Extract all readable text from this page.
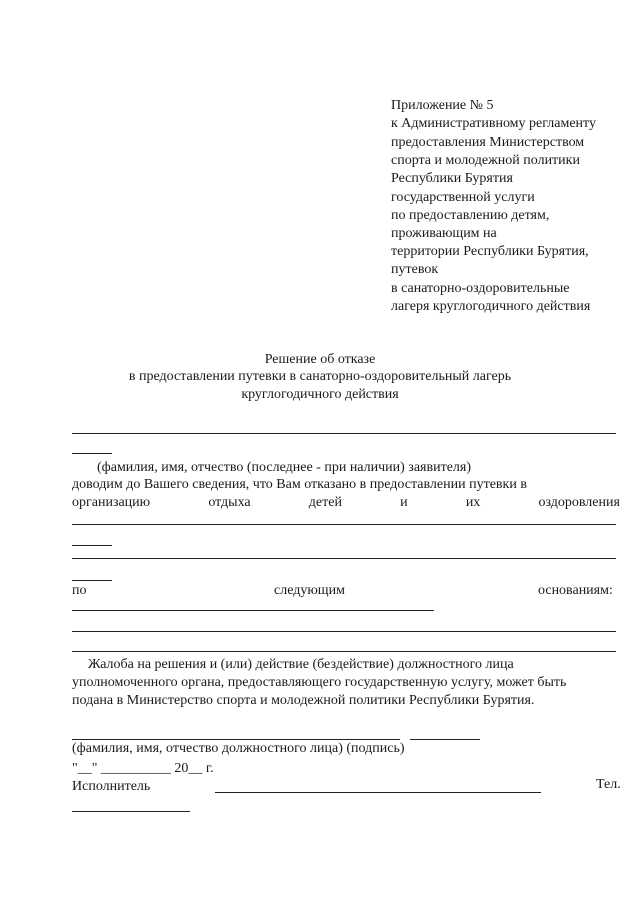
Приложение № 5
к Административному регламенту
предоставления Министерством
спорта и молодежной политики
Республики Бурятия
государственной услуги
по предоставлению детям,
проживающим на
территории Республики Бурятия,
путевок
в санаторно-оздоровительные
лагеря круглогодичного действия
Решение об отказе
в предоставлении путевки в санаторно-оздоровительный лагерь
круглогодичного действия
(фамилия, имя, отчество (последнее - при наличии) заявителя)
доводим до Вашего сведения, что Вам отказано в предоставлении путевки в
организацию	отдыха	детей	и	их	оздоровления
по	следующим	основаниям:
Жалоба на решения и (или) действие (бездействие) должностного лица
уполномоченного органа, предоставляющего государственную услугу, может быть
подана в Министерство спорта и молодежной политики Республики Бурятия.
(фамилия, имя, отчество должностного лица) (подпись)
"__" __________ 20__ г.
Исполнитель	Тел.
